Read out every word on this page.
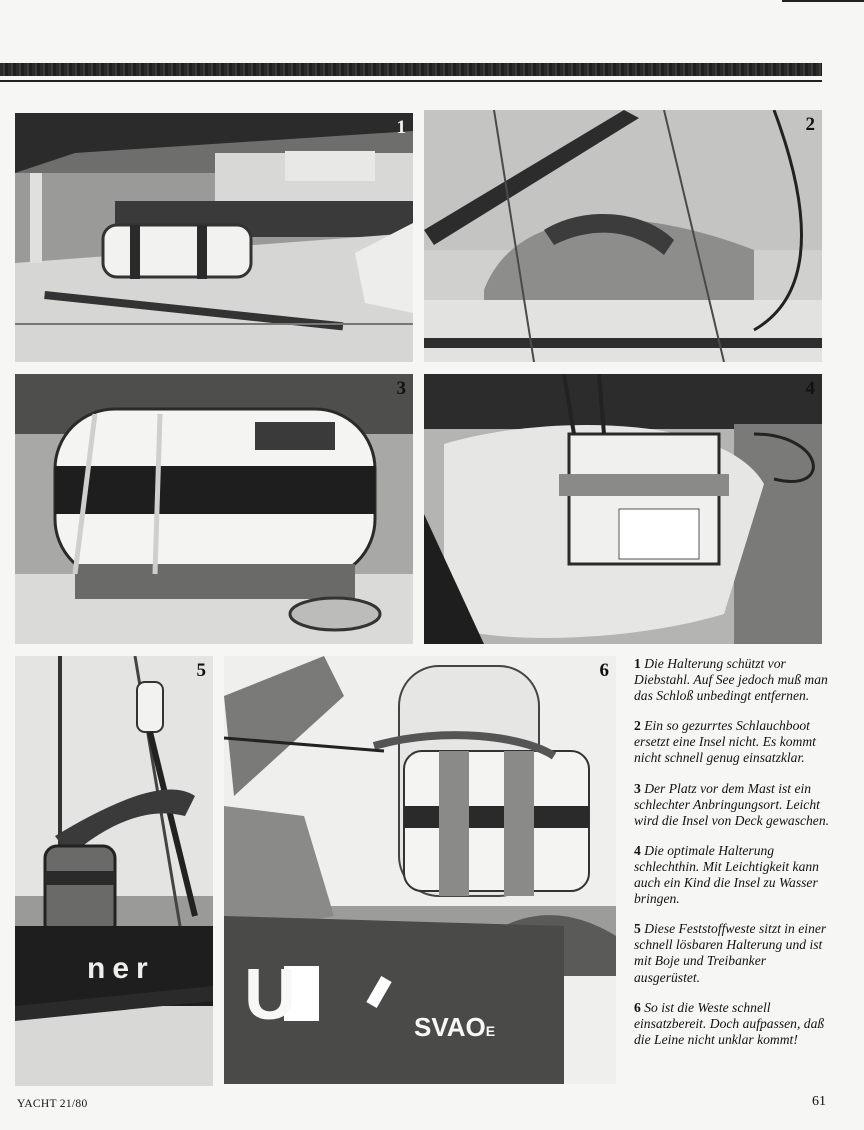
1	2
3	4
ner
5
U	SVAOE
6 1 Die Halterung schützt vor Diebstahl. Auf See jedoch muß man das Schloß unbedingt entfernen.

2 Ein so gezurrtes Schlauchboot ersetzt eine Insel nicht. Es kommt nicht schnell genug einsatzklar.

3 Der Platz vor dem Mast ist ein schlechter Anbringungsort. Leicht wird die Insel von Deck gewaschen.

4 Die optimale Halterung schlechthin. Mit Leichtigkeit kann auch ein Kind die Insel zu Wasser bringen.

5 Diese Feststoffweste sitzt in einer schnell lösbaren Halterung und ist mit Boje und Treibanker ausgerüstet.

6 So ist die Weste schnell einsatzbereit. Doch aufpassen, daß die Leine nicht unklar kommt!

YACHT 21/80	61
